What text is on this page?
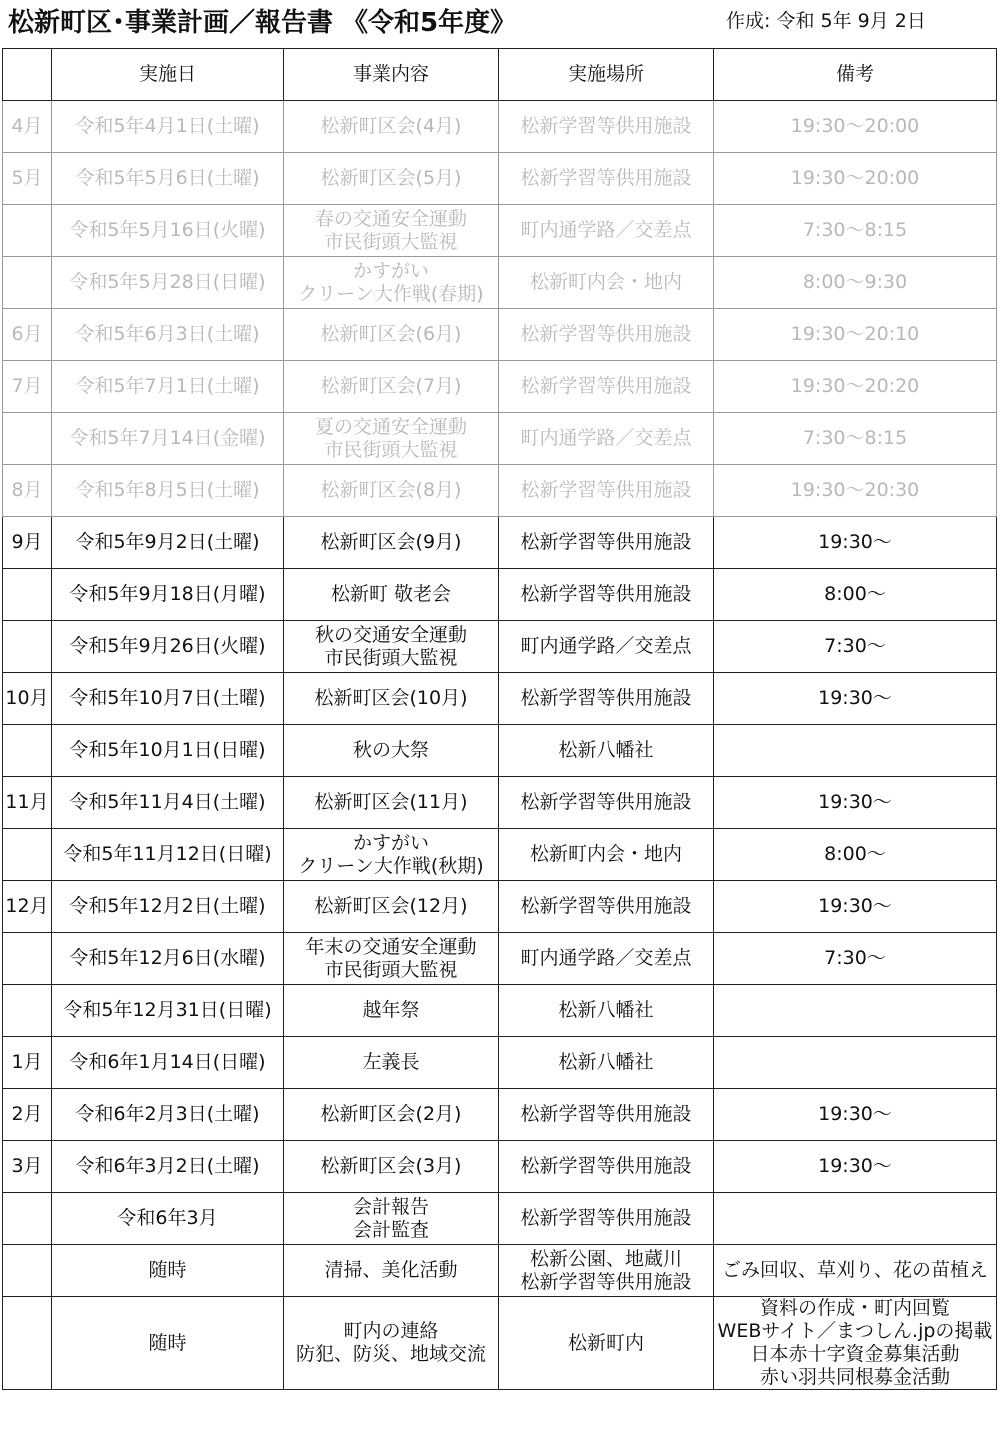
松新町区･事業計画／報告書 《令和5年度》	作成: 令和 5年 9月 2日
	実施日	事業内容	実施場所	備考
4月	令和5年4月1日(土曜)	松新町区会(4月)	松新学習等供用施設	19:30～20:00
5月	令和5年5月6日(土曜)	松新町区会(5月)	松新学習等供用施設	19:30～20:00
	令和5年5月16日(火曜)	春の交通安全運動
市民街頭大監視	町内通学路／交差点	7:30～8:15
	令和5年5月28日(日曜)	かすがい
クリーン大作戦(春期)	松新町内会・地内	8:00～9:30
6月	令和5年6月3日(土曜)	松新町区会(6月)	松新学習等供用施設	19:30～20:10
7月	令和5年7月1日(土曜)	松新町区会(7月)	松新学習等供用施設	19:30～20:20
	令和5年7月14日(金曜)	夏の交通安全運動
市民街頭大監視	町内通学路／交差点	7:30～8:15
8月	令和5年8月5日(土曜)	松新町区会(8月)	松新学習等供用施設	19:30～20:30
9月	令和5年9月2日(土曜)	松新町区会(9月)	松新学習等供用施設	19:30～
	令和5年9月18日(月曜)	松新町 敬老会	松新学習等供用施設	8:00～
	令和5年9月26日(火曜)	秋の交通安全運動
市民街頭大監視	町内通学路／交差点	7:30～
10月	令和5年10月7日(土曜)	松新町区会(10月)	松新学習等供用施設	19:30～
	令和5年10月1日(日曜)	秋の大祭	松新八幡社	
11月	令和5年11月4日(土曜)	松新町区会(11月)	松新学習等供用施設	19:30～
	令和5年11月12日(日曜)	かすがい
クリーン大作戦(秋期)	松新町内会・地内	8:00～
12月	令和5年12月2日(土曜)	松新町区会(12月)	松新学習等供用施設	19:30～
	令和5年12月6日(水曜)	年末の交通安全運動
市民街頭大監視	町内通学路／交差点	7:30～
	令和5年12月31日(日曜)	越年祭	松新八幡社	
1月	令和6年1月14日(日曜)	左義長	松新八幡社	
2月	令和6年2月3日(土曜)	松新町区会(2月)	松新学習等供用施設	19:30～
3月	令和6年3月2日(土曜)	松新町区会(3月)	松新学習等供用施設	19:30～
	令和6年3月	会計報告
会計監査	松新学習等供用施設	
	随時	清掃、美化活動	松新公園、地蔵川
松新学習等供用施設	ごみ回収、草刈り、花の苗植え
	随時	町内の連絡
防犯、防災、地域交流	松新町内	資料の作成・町内回覧
WEBサイト／まつしん.jpの掲載
日本赤十字資金募集活動
赤い羽共同根募金活動
